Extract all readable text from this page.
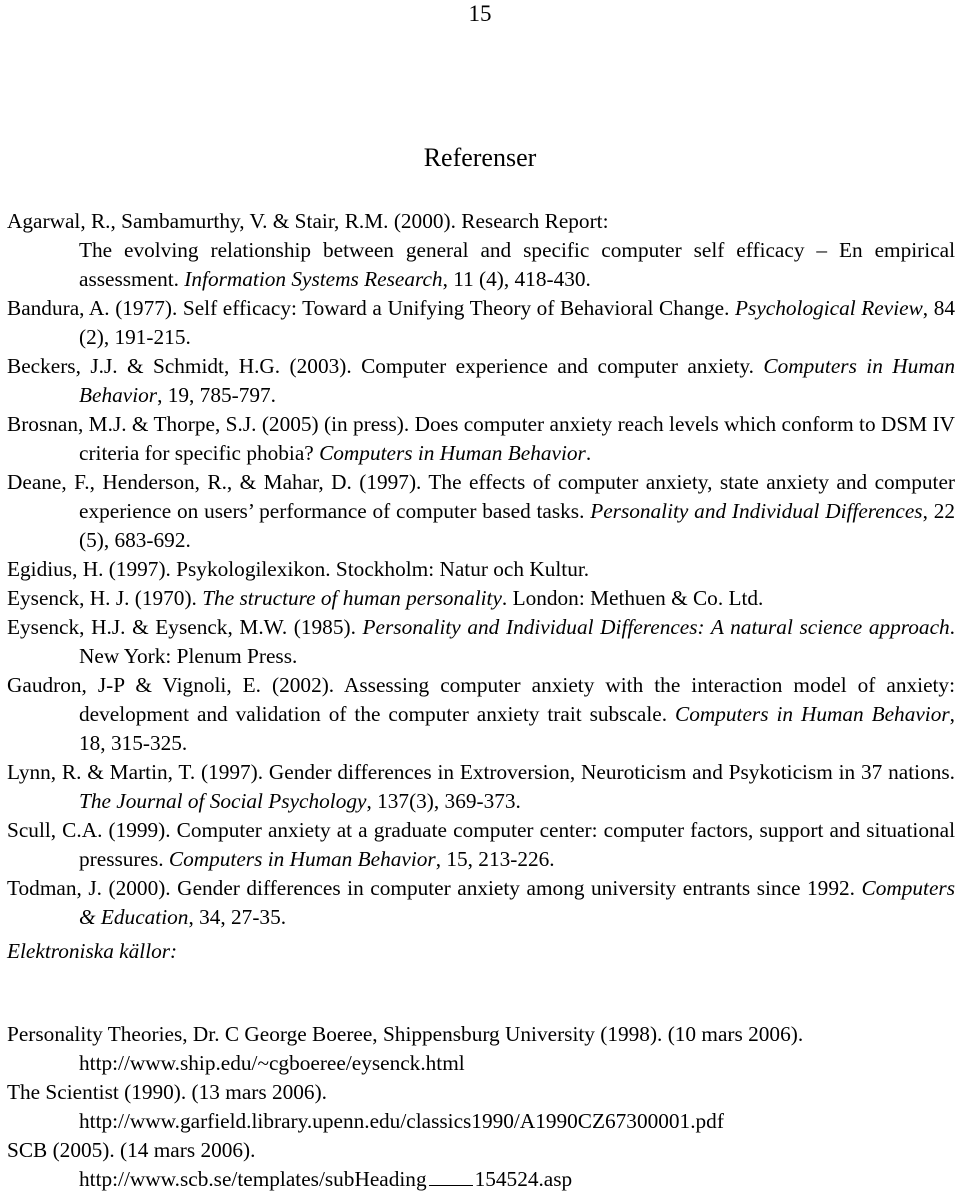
15
Referenser
Agarwal, R., Sambamurthy, V. & Stair, R.M. (2000). Research Report:
The evolving relationship between general and specific computer self efficacy – En empirical assessment. Information Systems Research, 11 (4), 418-430.
Bandura, A. (1977). Self efficacy: Toward a Unifying Theory of Behavioral Change. Psychological Review, 84 (2), 191-215.
Beckers, J.J. & Schmidt, H.G. (2003). Computer experience and computer anxiety. Computers in Human Behavior, 19, 785-797.
Brosnan, M.J. & Thorpe, S.J. (2005) (in press). Does computer anxiety reach levels which conform to DSM IV criteria for specific phobia? Computers in Human Behavior.
Deane, F., Henderson, R., & Mahar, D. (1997). The effects of computer anxiety, state anxiety and computer experience on users’ performance of computer based tasks. Personality and Individual Differences, 22 (5), 683-692.
Egidius, H. (1997). Psykologilexikon. Stockholm: Natur och Kultur.
Eysenck, H. J. (1970). The structure of human personality. London: Methuen & Co. Ltd.
Eysenck, H.J. & Eysenck, M.W. (1985). Personality and Individual Differences: A natural science approach. New York: Plenum Press.
Gaudron, J-P & Vignoli, E. (2002). Assessing computer anxiety with the interaction model of anxiety: development and validation of the computer anxiety trait subscale. Computers in Human Behavior, 18, 315-325.
Lynn, R. & Martin, T. (1997). Gender differences in Extroversion, Neuroticism and Psykoticism in 37 nations. The Journal of Social Psychology, 137(3), 369-373.
Scull, C.A. (1999). Computer anxiety at a graduate computer center: computer factors, support and situational pressures. Computers in Human Behavior, 15, 213-226.
Todman, J. (2000). Gender differences in computer anxiety among university entrants since 1992. Computers & Education, 34, 27-35.
Elektroniska källor:
Personality Theories, Dr. C George Boeree, Shippensburg University (1998). (10 mars 2006).
http://www.ship.edu/~cgboeree/eysenck.html
The Scientist (1990). (13 mars 2006).
http://www.garfield.library.upenn.edu/classics1990/A1990CZ67300001.pdf
SCB (2005). (14 mars 2006).
http://www.scb.se/templates/subHeading 154524.asp
